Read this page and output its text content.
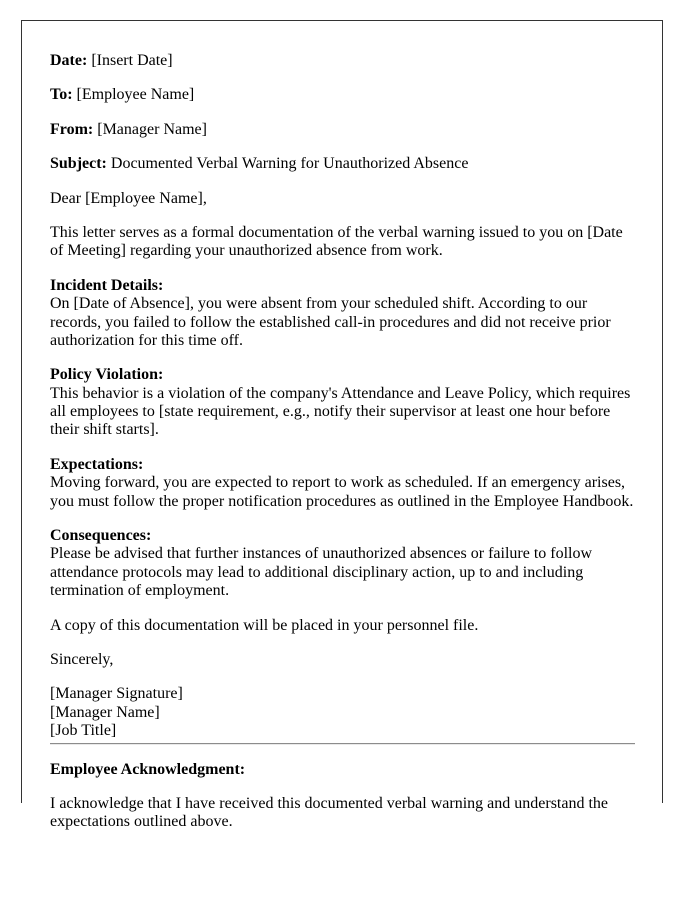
Date: [Insert Date]

To: [Employee Name]

From: [Manager Name]

Subject: Documented Verbal Warning for Unauthorized Absence

Dear [Employee Name],

This letter serves as a formal documentation of the verbal warning issued to you on [Date of Meeting] regarding your unauthorized absence from work.

Incident Details:
On [Date of Absence], you were absent from your scheduled shift. According to our records, you failed to follow the established call-in procedures and did not receive prior authorization for this time off.

Policy Violation:
This behavior is a violation of the company's Attendance and Leave Policy, which requires all employees to [state requirement, e.g., notify their supervisor at least one hour before their shift starts].

Expectations:
Moving forward, you are expected to report to work as scheduled. If an emergency arises, you must follow the proper notification procedures as outlined in the Employee Handbook.

Consequences:
Please be advised that further instances of unauthorized absences or failure to follow attendance protocols may lead to additional disciplinary action, up to and including termination of employment.

A copy of this documentation will be placed in your personnel file.

Sincerely,

[Manager Signature]
[Manager Name]
[Job Title]

Employee Acknowledgment:

I acknowledge that I have received this documented verbal warning and understand the expectations outlined above.
